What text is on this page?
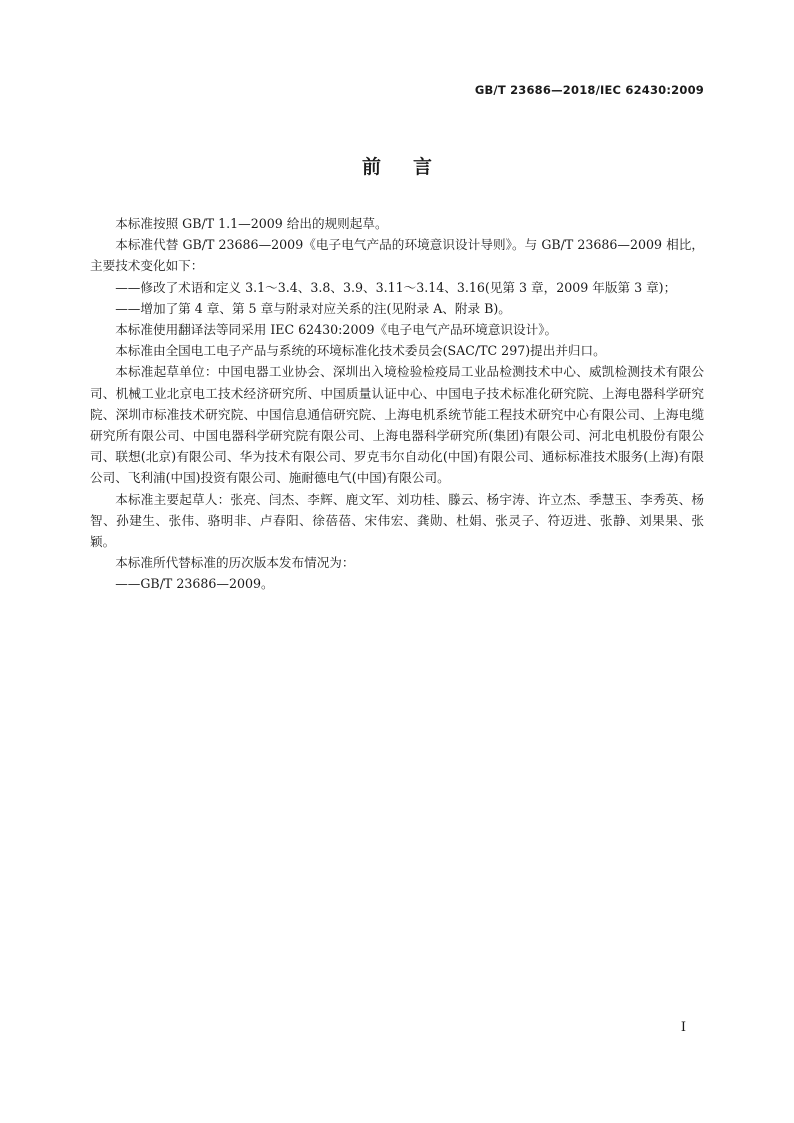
GB/T 23686—2018/IEC 62430:2009
前言

本标准按照 GB/T 1.1—2009 给出的规则起草。

本标准代替 GB/T 23686—2009《电子电气产品的环境意识设计导则》。与 GB/T 23686—2009 相比，主要技术变化如下：

——修改了术语和定义 3.1～3.4、3.8、3.9、3.11～3.14、3.16(见第 3 章，2009 年版第 3 章)；

——增加了第 4 章、第 5 章与附录对应关系的注(见附录 A、附录 B)。

本标准使用翻译法等同采用 IEC 62430:2009《电子电气产品环境意识设计》。

本标准由全国电工电子产品与系统的环境标准化技术委员会(SAC/TC 297)提出并归口。

本标准起草单位：中国电器工业协会、深圳出入境检验检疫局工业品检测技术中心、威凯检测技术有限公司、机械工业北京电工技术经济研究所、中国质量认证中心、中国电子技术标准化研究院、上海电器科学研究院、深圳市标准技术研究院、中国信息通信研究院、上海电机系统节能工程技术研究中心有限公司、上海电缆研究所有限公司、中国电器科学研究院有限公司、上海电器科学研究所(集团)有限公司、河北电机股份有限公司、联想(北京)有限公司、华为技术有限公司、罗克韦尔自动化(中国)有限公司、通标标准技术服务(上海)有限公司、飞利浦(中国)投资有限公司、施耐德电气(中国)有限公司。

本标准主要起草人：张亮、闫杰、李辉、鹿文军、刘功桂、滕云、杨宇涛、许立杰、季慧玉、李秀英、杨智、孙建生、张伟、骆明非、卢春阳、徐蓓蓓、宋伟宏、龚勋、杜娟、张灵子、符迈进、张静、刘果果、张颖。

本标准所代替标准的历次版本发布情况为：

——GB/T 23686—2009。

I
